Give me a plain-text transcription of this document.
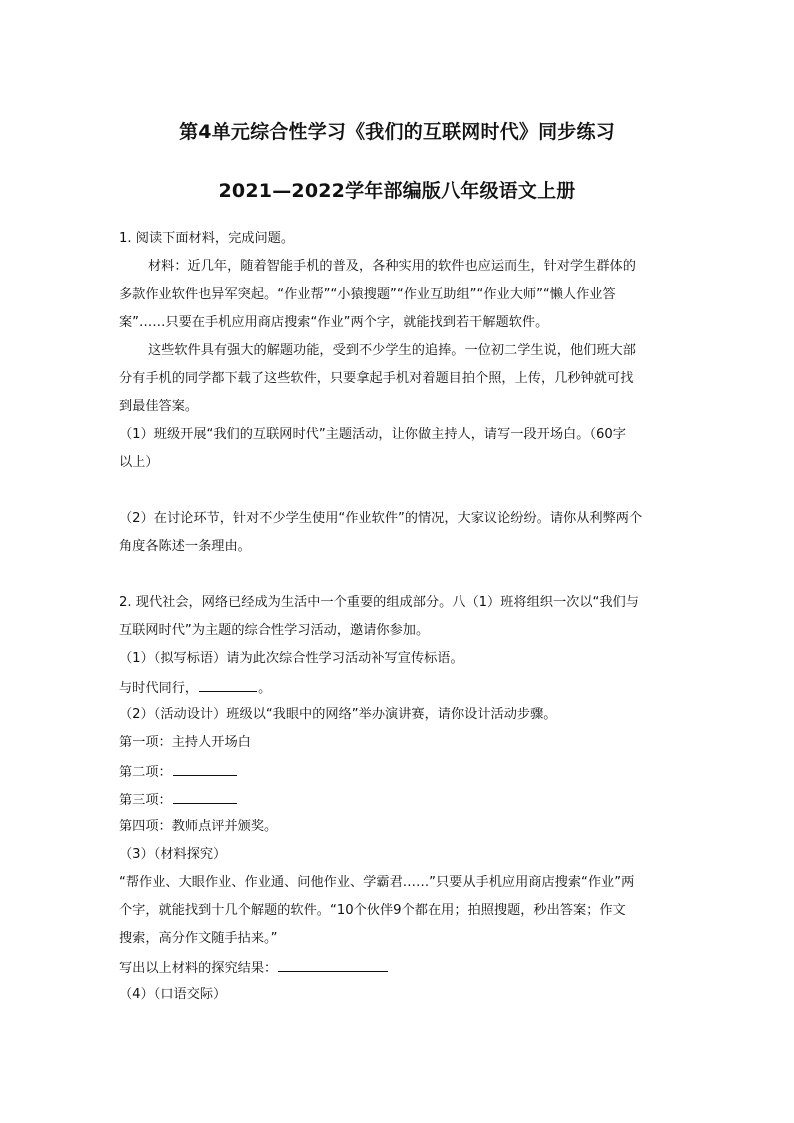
第4单元综合性学习《我们的互联网时代》同步练习
2021—2022学年部编版八年级语文上册
1. 阅读下面材料，完成问题。
材料：近几年，随着智能手机的普及，各种实用的软件也应运而生，针对学生群体的
多款作业软件也异军突起。“作业帮”“小猿搜题”“作业互助组”“作业大师”“懒人作业答
案”……只要在手机应用商店搜索“作业”两个字，就能找到若干解题软件。
这些软件具有强大的解题功能，受到不少学生的追捧。一位初二学生说，他们班大部
分有手机的同学都下载了这些软件，只要拿起手机对着题目拍个照，上传，几秒钟就可找
到最佳答案。
（1）班级开展“我们的互联网时代”主题活动，让你做主持人，请写一段开场白。（60字
以上）
（2）在讨论环节，针对不少学生使用“作业软件”的情况，大家议论纷纷。请你从利弊两个
角度各陈述一条理由。
2. 现代社会，网络已经成为生活中一个重要的组成部分。八（1）班将组织一次以“我们与
互联网时代”为主题的综合性学习活动，邀请你参加。
（1）（拟写标语）请为此次综合性学习活动补写宣传标语。
与时代同行，	。
（2）（活动设计）班级以“我眼中的网络”举办演讲赛，请你设计活动步骤。
第一项：主持人开场白
第二项：
第三项：
第四项：教师点评并颁奖。
（3）（材料探究）
“帮作业、大眼作业、作业通、问他作业、学霸君……”只要从手机应用商店搜索“作业”两
个字，就能找到十几个解题的软件。“10个伙伴9个都在用；拍照搜题，秒出答案；作文
搜索，高分作文随手拈来。”
写出以上材料的探究结果：
（4）（口语交际）
